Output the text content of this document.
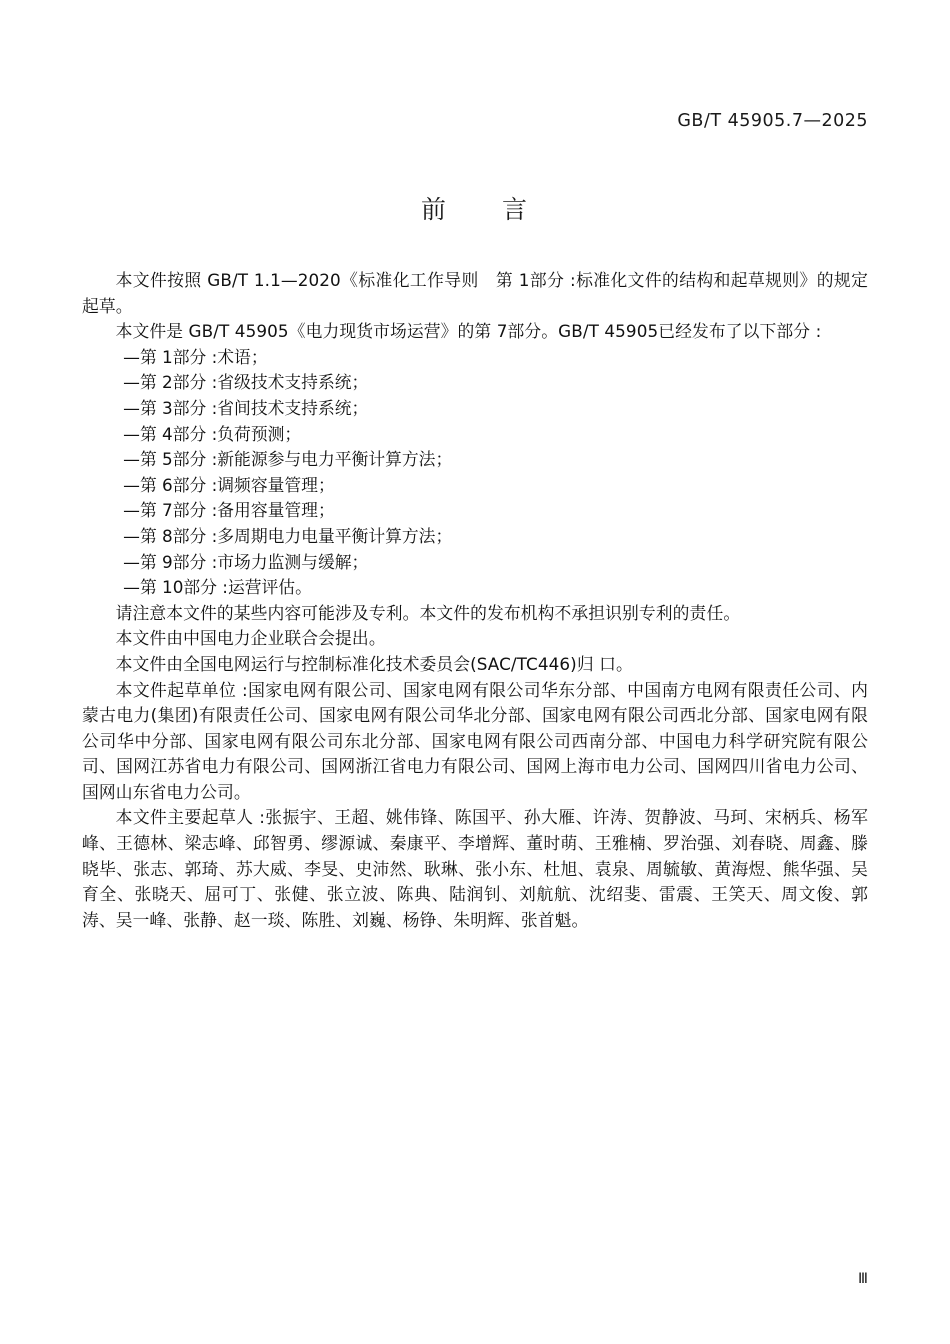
GB/T 45905.7—2025
前　　言

本文件按照 GB/T 1.1—2020《标准化工作导则　第 1部分 :标准化文件的结构和起草规则》的规定起草。

本文件是 GB/T 45905《电力现货市场运营》的第 7部分。GB/T 45905已经发布了以下部分 :

—第 1部分 :术语；
—第 2部分 :省级技术支持系统；
—第 3部分 :省间技术支持系统；
—第 4部分 :负荷预测；
—第 5部分 :新能源参与电力平衡计算方法；
—第 6部分 :调频容量管理；
—第 7部分 :备用容量管理；
—第 8部分 :多周期电力电量平衡计算方法；
—第 9部分 :市场力监测与缓解；
—第 10部分 :运营评估。

请注意本文件的某些内容可能涉及专利。本文件的发布机构不承担识别专利的责任。

本文件由中国电力企业联合会提出。

本文件由全国电网运行与控制标准化技术委员会(SAC/TC446)归 口。

本文件起草单位 :国家电网有限公司、国家电网有限公司华东分部、中国南方电网有限责任公司、内蒙古电力(集团)有限责任公司、国家电网有限公司华北分部、国家电网有限公司西北分部、国家电网有限公司华中分部、国家电网有限公司东北分部、国家电网有限公司西南分部、中国电力科学研究院有限公司、国网江苏省电力有限公司、国网浙江省电力有限公司、国网上海市电力公司、国网四川省电力公司、国网山东省电力公司。

本文件主要起草人 :张振宇、王超、姚伟锋、陈国平、孙大雁、许涛、贺静波、马珂、宋柄兵、杨军峰、王德林、梁志峰、邱智勇、缪源诚、秦康平、李增辉、董时萌、王雅楠、罗治强、刘春晓、周鑫、滕晓毕、张志、郭琦、苏大威、李旻、史沛然、耿琳、张小东、杜旭、袁泉、周毓敏、黄海煜、熊华强、吴育全、张晓天、屈可丁、张健、张立波、陈典、陆润钊、刘航航、沈绍斐、雷震、王笑天、周文俊、郭涛、吴一峰、张静、赵一琰、陈胜、刘巍、杨铮、朱明辉、张首魁。

Ⅲ
